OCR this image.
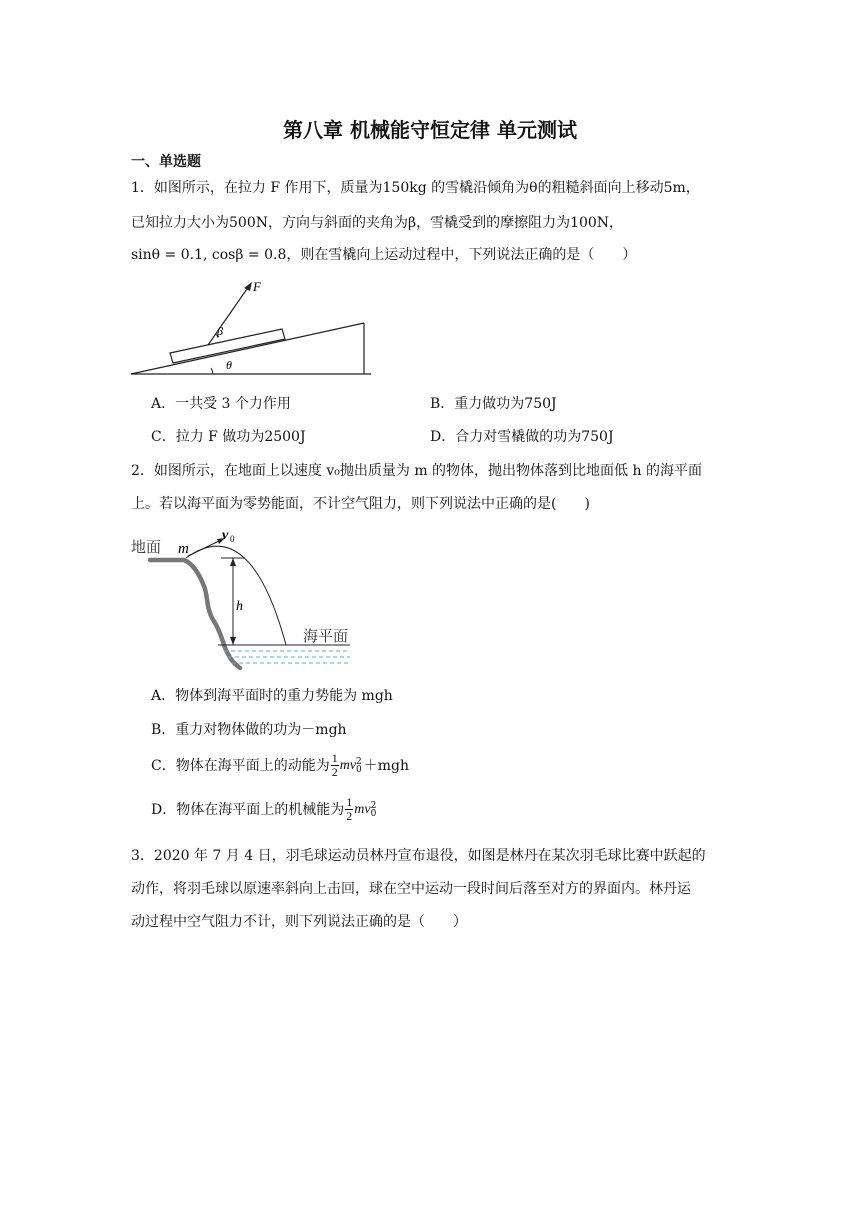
第八章 机械能守恒定律 单元测试
一、单选题
1．如图所示，在拉力 F 作用下，质量为150kg 的雪橇沿倾角为θ的粗糙斜面向上移动5m，
已知拉力大小为500N，方向与斜面的夹角为β，雪橇受到的摩擦阻力为100N，
sinθ = 0.1, cosβ = 0.8，则在雪橇向上运动过程中，下列说法正确的是（　　）
F
β
θ
A．一共受 3 个力作用	B．重力做功为750J
C．拉力 F 做功为2500J	D．合力对雪橇做的功为750J
2．如图所示，在地面上以速度 v₀抛出质量为 m 的物体，抛出物体落到比地面低 h 的海平面
上。若以海平面为零势能面，不计空气阻力，则下列说法中正确的是(　　)
地面 m
v 0
h
海平面
A．物体到海平面时的重力势能为 mgh
B．重力对物体做的功为－mgh
C．物体在海平面上的动能为 $\frac{1}{2}$ mv 2
0 ＋mgh
D．物体在海平面上的机械能为 $\frac{1}{2}$ mv 2
0
3．2020 年 7 月 4 日，羽毛球运动员林丹宣布退役，如图是林丹在某次羽毛球比赛中跃起的
动作，将羽毛球以原速率斜向上击回，球在空中运动一段时间后落至对方的界面内。林丹运
动过程中空气阻力不计，则下列说法正确的是（　　）
